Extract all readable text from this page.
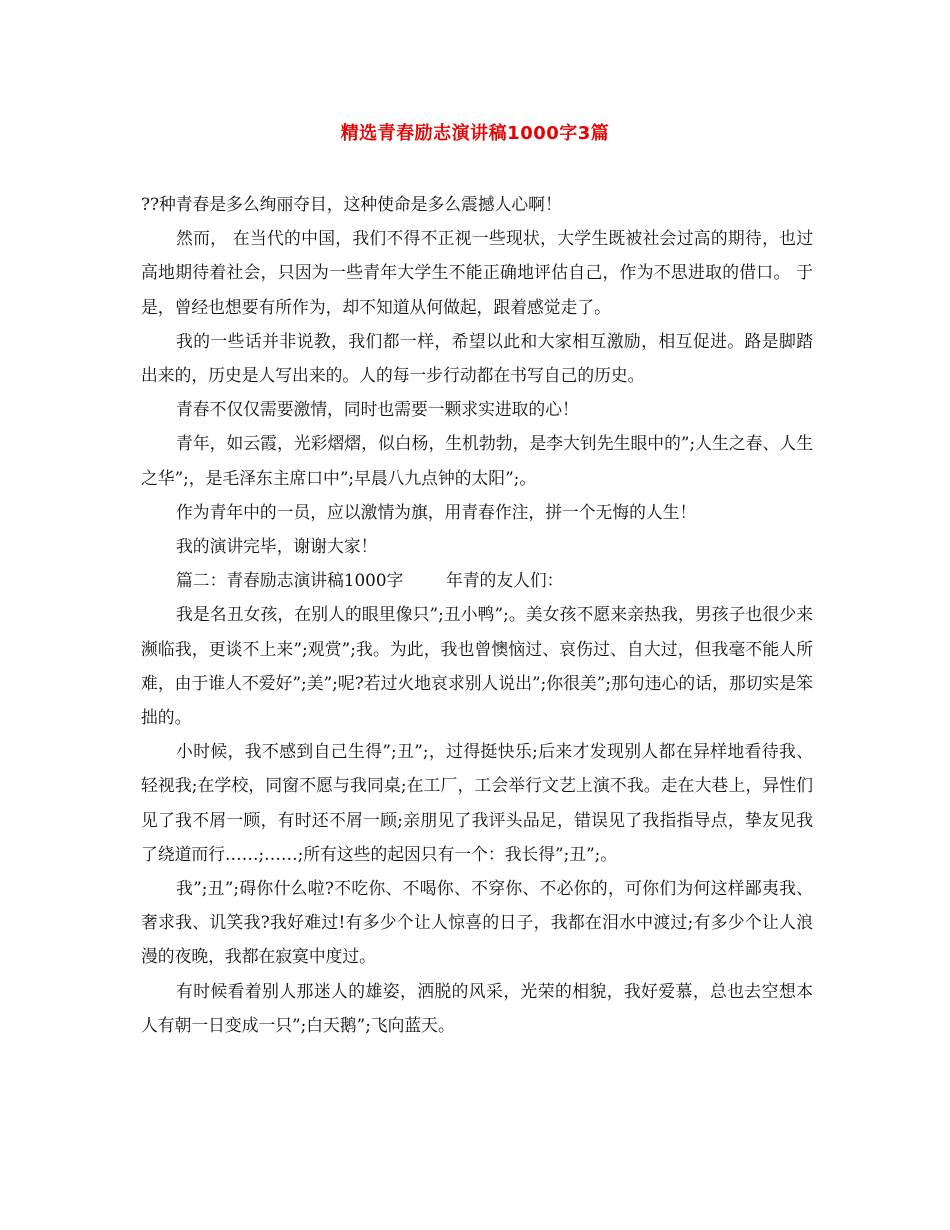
精选青春励志演讲稿1000字3篇

??种青春是多么绚丽夺目，这种使命是多么震撼人心啊！

然而， 在当代的中国，我们不得不正视一些现状，大学生既被社会过高的期待，也过高地期待着社会，只因为一些青年大学生不能正确地评估自己，作为不思进取的借口。 于是，曾经也想要有所作为，却不知道从何做起，跟着感觉走了。

我的一些话并非说教，我们都一样，希望以此和大家相互激励，相互促进。路是脚踏出来的，历史是人写出来的。人的每一步行动都在书写自己的历史。

青春不仅仅需要激情，同时也需要一颗求实进取的心！

青年，如云霞，光彩熠熠，似白杨，生机勃勃，是李大钊先生眼中的”;人生之春、人生之华”;，是毛泽东主席口中”;早晨八九点钟的太阳”;。

作为青年中的一员，应以激情为旗，用青春作注，拼一个无悔的人生！

我的演讲完毕，谢谢大家！

篇二：青春励志演讲稿1000字        年青的友人们：

我是名丑女孩，在别人的眼里像只”;丑小鸭”;。美女孩不愿来亲热我，男孩子也很少来濒临我，更谈不上来”;观赏”;我。为此，我也曾懊恼过、哀伤过、自大过，但我毫不能人所难，由于谁人不爱好”;美”;呢?若过火地哀求别人说出”;你很美”;那句违心的话，那切实是笨拙的。

小时候，我不感到自己生得”;丑”;，过得挺快乐;后来才发现别人都在异样地看待我、轻视我;在学校，同窗不愿与我同桌;在工厂，工会举行文艺上演不我。走在大巷上，异性们见了我不屑一顾，有时还不屑一顾;亲朋见了我评头品足，错误见了我指指导点，挚友见我了绕道而行……;……;所有这些的起因只有一个：我长得”;丑”;。

我”;丑”;碍你什么啦?不吃你、不喝你、不穿你、不必你的，可你们为何这样鄙夷我、奢求我、讥笑我?我好难过!有多少个让人惊喜的日子，我都在泪水中渡过;有多少个让人浪漫的夜晚，我都在寂寞中度过。

有时候看着别人那迷人的雄姿，洒脱的风采，光荣的相貌，我好爱慕，总也去空想本人有朝一日变成一只”;白天鹅”;飞向蓝天。
